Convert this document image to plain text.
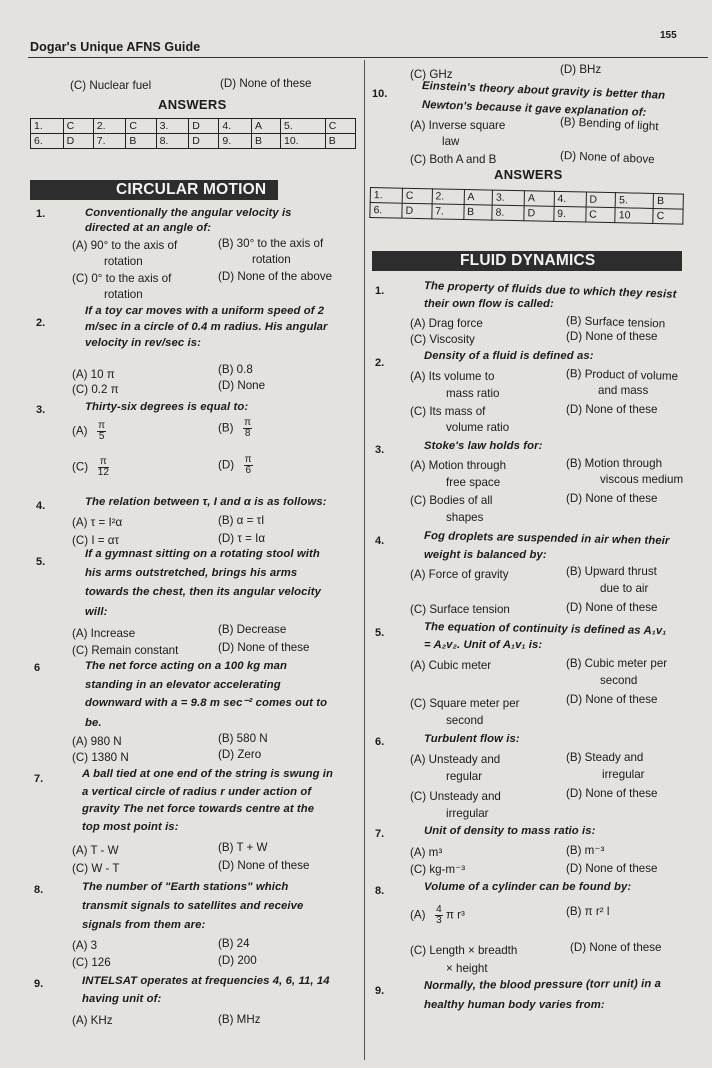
Dogar's Unique AFNS Guide
155
(C) Nuclear fuel	(D) None of these
ANSWERS
1.	C	2.	C	3.	D	4.	A	5.	C
6.	D	7.	B	8.	D	9.	B	10.	B
CIRCULAR MOTION
1.	Conventionally the angular velocity is
directed at an angle of:
(A) 90° to the axis of
rotation
(B) 30° to the axis of
rotation
(C) 0° to the axis of
rotation
(D) None of the above
2.
If a toy car moves with a uniform speed of 2
m/sec in a circle of 0.4 m radius. His angular
velocity in rev/sec is:
(A) 10 π	(B) 0.8
(C) 0.2 π	(D) None
3.	Thirty-six degrees is equal to:
$(A) \frac{\pi}{5}$	$(B) \frac{\pi}{8}$
$(C) \frac{\pi}{12}$	$(D) \frac{\pi}{6}$
4.	The relation between τ, I and α is as follows:
(A) τ = I²α	(B) α = τI
(C) I = ατ	(D) τ = Iα
5.
If a gymnast sitting on a rotating stool with
his arms outstretched, brings his arms
towards the chest, then its angular velocity
will:
(A) Increase	(B) Decrease
(C) Remain constant	(D) None of these
6	The net force acting on a 100 kg man
standing in an elevator accelerating
downward with a = 9.8 m sec⁻² comes out to
be.
(A) 980 N	(B) 580 N
(C) 1380 N	(D) Zero
7.	A ball tied at one end of the string is swung in
a vertical circle of radius r under action of
gravity The net force towards centre at the
top most point is:
(A) T - W	(B) T + W
(C) W - T	(D) None of these
8.	The number of "Earth stations" which
transmit signals to satellites and receive
signals from them are:
(A) 3	(B) 24
(C) 126	(D) 200
9.	INTELSAT operates at frequencies 4, 6, 11, 14
having unit of:
(A) KHz	(B) MHz
(C) GHz	(D) BHz
10.	Einstein's theory about gravity is better than
Newton's because it gave explanation of:
(A) Inverse square
law
(B) Bending of light
(C) Both A and B	(D) None of above
ANSWERS
1.	C	2.	A	3.	A	4.	D	5.	B
6.	D	7.	B	8.	D	9.	C	10	C
FLUID DYNAMICS
1.	The property of fluids due to which they resist
their own flow is called:
(A) Drag force	(B) Surface tension
(C) Viscosity	(D) None of these
2.
Density of a fluid is defined as:
(A) Its volume to
mass ratio
(B) Product of volume
and mass
(C) Its mass of
volume ratio
(D) None of these
3.	Stoke's law holds for:
(A) Motion through
free space
(B) Motion through
viscous medium
(C) Bodies of all
shapes
(D) None of these
4.	Fog droplets are suspended in air when their
weight is balanced by:
(A) Force of gravity	(B) Upward thrust
due to air
(C) Surface tension	(D) None of these
5.	The equation of continuity is defined as A₁v₁
= A₂v₂. Unit of A₁v₁ is:
(A) Cubic meter	(B) Cubic meter per
second
(C) Square meter per
second
(D) None of these
6.	Turbulent flow is:
(A) Unsteady and
regular
(B) Steady and
irregular
(C) Unsteady and
irregular
(D) None of these
7.	Unit of density to mass ratio is:
(A) m³	(B) m⁻³
(C) kg-m⁻³	(D) None of these
8.	Volume of a cylinder can be found by:
$(A) \frac{4}{3}$ π r³	(B) π r² l
(C) Length × breadth
× height
(D) None of these
9.	Normally, the blood pressure (torr unit) in a
healthy human body varies from:
